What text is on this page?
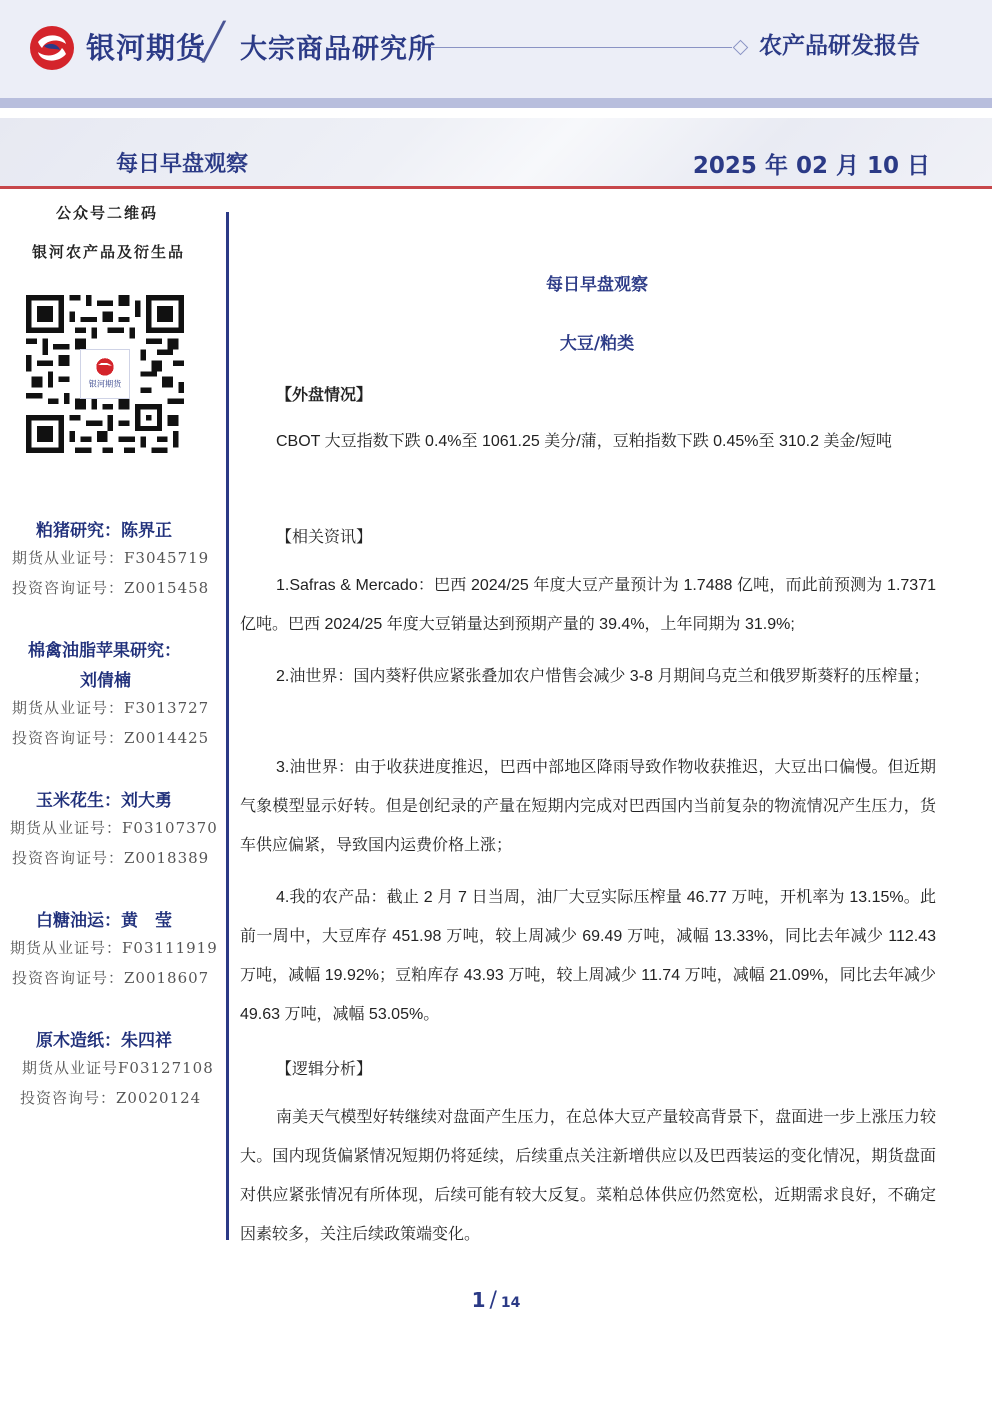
银河期货
╱ 大宗商品研究所	农产品研发报告
每日早盘观察	2025 年 02 月 10 日
公众号二维码
银河农产品及衍生品
银河期货
粕猪研究：陈界正
期货从业证号：F3045719
投资咨询证号：Z0015458
棉禽油脂苹果研究：
刘倩楠
期货从业证号：F3013727
投资咨询证号：Z0014425
玉米花生：刘大勇
期货从业证号：F03107370
投资咨询证号：Z0018389
白糖油运：黄　莹
期货从业证号：F03111919
投资咨询证号：Z0018607
原木造纸：朱四祥
期货从业证号F03127108
投资咨询号：Z0020124
每日早盘观察
大豆/粕类
【外盘情况】
CBOT 大豆指数下跌 0.4%至 1061.25 美分/蒲，豆粕指数下跌 0.45%至 310.2 美金/短吨
【相关资讯】
1.Safras & Mercado：巴西 2024/25 年度大豆产量预计为 1.7488 亿吨，而此前预测为 1.7371 亿吨。巴西 2024/25 年度大豆销量达到预期产量的 39.4%，上年同期为 31.9%;
2.油世界：国内葵籽供应紧张叠加农户惜售会减少 3-8 月期间乌克兰和俄罗斯葵籽的压榨量；
3.油世界：由于收获进度推迟，巴西中部地区降雨导致作物收获推迟，大豆出口偏慢。但近期气象模型显示好转。但是创纪录的产量在短期内完成对巴西国内当前复杂的物流情况产生压力，货车供应偏紧，导致国内运费价格上涨；
4.我的农产品：截止 2 月 7 日当周，油厂大豆实际压榨量 46.77 万吨，开机率为 13.15%。此前一周中，大豆库存 451.98 万吨，较上周减少 69.49 万吨，减幅 13.33%，同比去年减少 112.43 万吨，减幅 19.92%；豆粕库存 43.93 万吨，较上周减少 11.74 万吨，减幅 21.09%，同比去年减少 49.63 万吨，减幅 53.05%。
【逻辑分析】
南美天气模型好转继续对盘面产生压力，在总体大豆产量较高背景下，盘面进一步上涨压力较大。国内现货偏紧情况短期仍将延续，后续重点关注新增供应以及巴西装运的变化情况，期货盘面对供应紧张情况有所体现，后续可能有较大反复。菜粕总体供应仍然宽松，近期需求良好，不确定因素较多，关注后续政策端变化。
1 / 14
